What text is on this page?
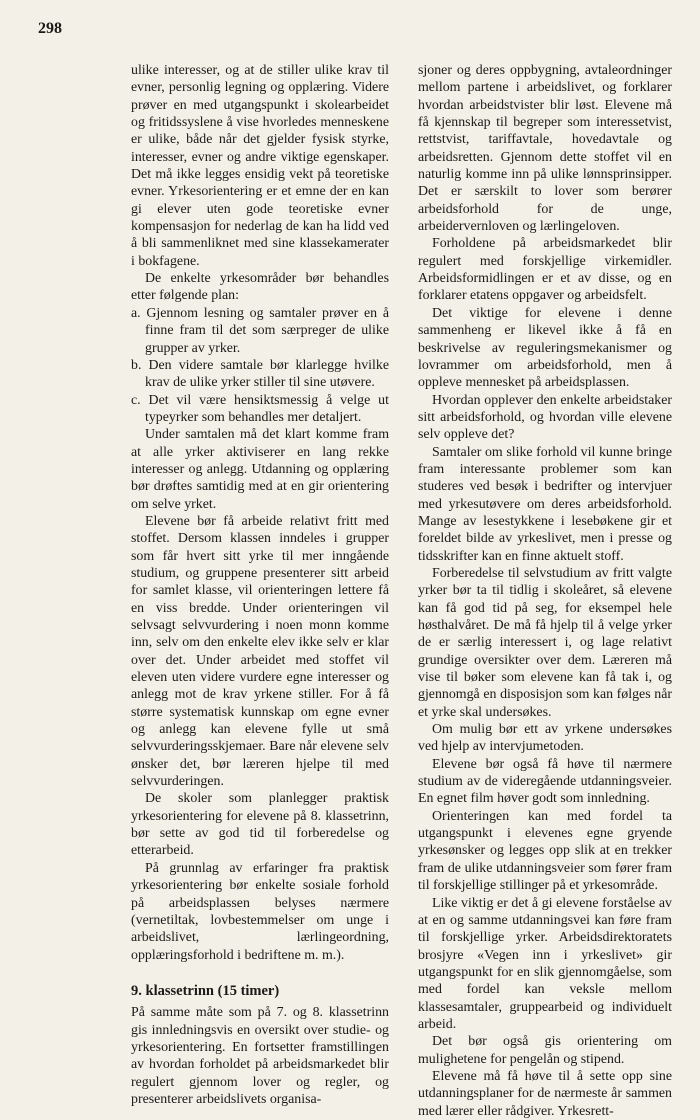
298

ulike interesser, og at de stiller ulike krav til evner, personlig legning og opplæring. Videre prøver en med utgangspunkt i skolearbeidet og fritidssyslene å vise hvorledes menneskene er ulike, både når det gjelder fysisk styrke, interesser, evner og andre viktige egenskaper. Det må ikke legges ensidig vekt på teoretiske evner. Yrkesorientering er et emne der en kan gi elever uten gode teoretiske evner kompensasjon for nederlag de kan ha lidd ved å bli sammenliknet med sine klassekamerater i bokfagene.

De enkelte yrkesområder bør behandles etter følgende plan:

a. Gjennom lesning og samtaler prøver en å finne fram til det som særpreger de ulike grupper av yrker.

b. Den videre samtale bør klarlegge hvilke krav de ulike yrker stiller til sine utøvere.

c. Det vil være hensiktsmessig å velge ut typeyrker som behandles mer detaljert.

Under samtalen må det klart komme fram at alle yrker aktiviserer en lang rekke interesser og anlegg. Utdanning og opplæring bør drøftes samtidig med at en gir orientering om selve yrket.

Elevene bør få arbeide relativt fritt med stoffet. Dersom klassen inndeles i grupper som får hvert sitt yrke til mer inngående studium, og gruppene presenterer sitt arbeid for samlet klasse, vil orienteringen lettere få en viss bredde. Under orienteringen vil selvsagt selvvurdering i noen monn komme inn, selv om den enkelte elev ikke selv er klar over det. Under arbeidet med stoffet vil eleven uten videre vurdere egne interesser og anlegg mot de krav yrkene stiller. For å få større systematisk kunnskap om egne evner og anlegg kan elevene fylle ut små selvvurderingsskjemaer. Bare når elevene selv ønsker det, bør læreren hjelpe til med selvvurderingen.

De skoler som planlegger praktisk yrkesorientering for elevene på 8. klassetrinn, bør sette av god tid til forberedelse og etterarbeid.

På grunnlag av erfaringer fra praktisk yrkesorientering bør enkelte sosiale forhold på arbeidsplassen belyses nærmere (vernetiltak, lovbestemmelser om unge i arbeidslivet, lærlingeordning, opplæringsforhold i bedriftene m. m.).

9. klassetrinn (15 timer)

På samme måte som på 7. og 8. klassetrinn gis innledningsvis en oversikt over studie- og yrkesorientering. En fortsetter framstillingen av hvordan forholdet på arbeidsmarkedet blir regulert gjennom lover og regler, og presenterer arbeidslivets organisa-

sjoner og deres oppbygning, avtaleordninger mellom partene i arbeidslivet, og forklarer hvordan arbeidstvister blir løst. Elevene må få kjennskap til begreper som interessetvist, rettstvist, tariffavtale, hovedavtale og arbeidsretten. Gjennom dette stoffet vil en naturlig komme inn på ulike lønnsprinsipper. Det er særskilt to lover som berører arbeidsforhold for de unge, arbeidervernloven og lærlingeloven.

Forholdene på arbeidsmarkedet blir regulert med forskjellige virkemidler. Arbeidsformidlingen er et av disse, og en forklarer etatens oppgaver og arbeidsfelt.

Det viktige for elevene i denne sammenheng er likevel ikke å få en beskrivelse av reguleringsmekanismer og lovrammer om arbeidsforhold, men å oppleve mennesket på arbeidsplassen.

Hvordan opplever den enkelte arbeidstaker sitt arbeidsforhold, og hvordan ville elevene selv oppleve det?

Samtaler om slike forhold vil kunne bringe fram interessante problemer som kan studeres ved besøk i bedrifter og intervjuer med yrkesutøvere om deres arbeidsforhold. Mange av lesestykkene i lesebøkene gir et foreldet bilde av yrkeslivet, men i presse og tidsskrifter kan en finne aktuelt stoff.

Forberedelse til selvstudium av fritt valgte yrker bør ta til tidlig i skoleåret, så elevene kan få god tid på seg, for eksempel hele høsthalvåret. De må få hjelp til å velge yrker de er særlig interessert i, og lage relativt grundige oversikter over dem. Læreren må vise til bøker som elevene kan få tak i, og gjennomgå en disposisjon som kan følges når et yrke skal undersøkes.

Om mulig bør ett av yrkene undersøkes ved hjelp av intervjumetoden.

Elevene bør også få høve til nærmere studium av de videregående utdanningsveier. En egnet film høver godt som innledning.

Orienteringen kan med fordel ta utgangspunkt i elevenes egne gryende yrkesønsker og legges opp slik at en trekker fram de ulike utdanningsveier som fører fram til forskjellige stillinger på et yrkesområde.

Like viktig er det å gi elevene forståelse av at en og samme utdanningsvei kan føre fram til forskjellige yrker. Arbeidsdirektoratets brosjyre «Vegen inn i yrkeslivet» gir utgangspunkt for en slik gjennomgåelse, som med fordel kan veksle mellom klassesamtaler, gruppearbeid og individuelt arbeid.

Det bør også gis orientering om mulighetene for pengelån og stipend.

Elevene må få høve til å sette opp sine utdanningsplaner for de nærmeste år sammen med lærer eller rådgiver. Yrkesrett-
